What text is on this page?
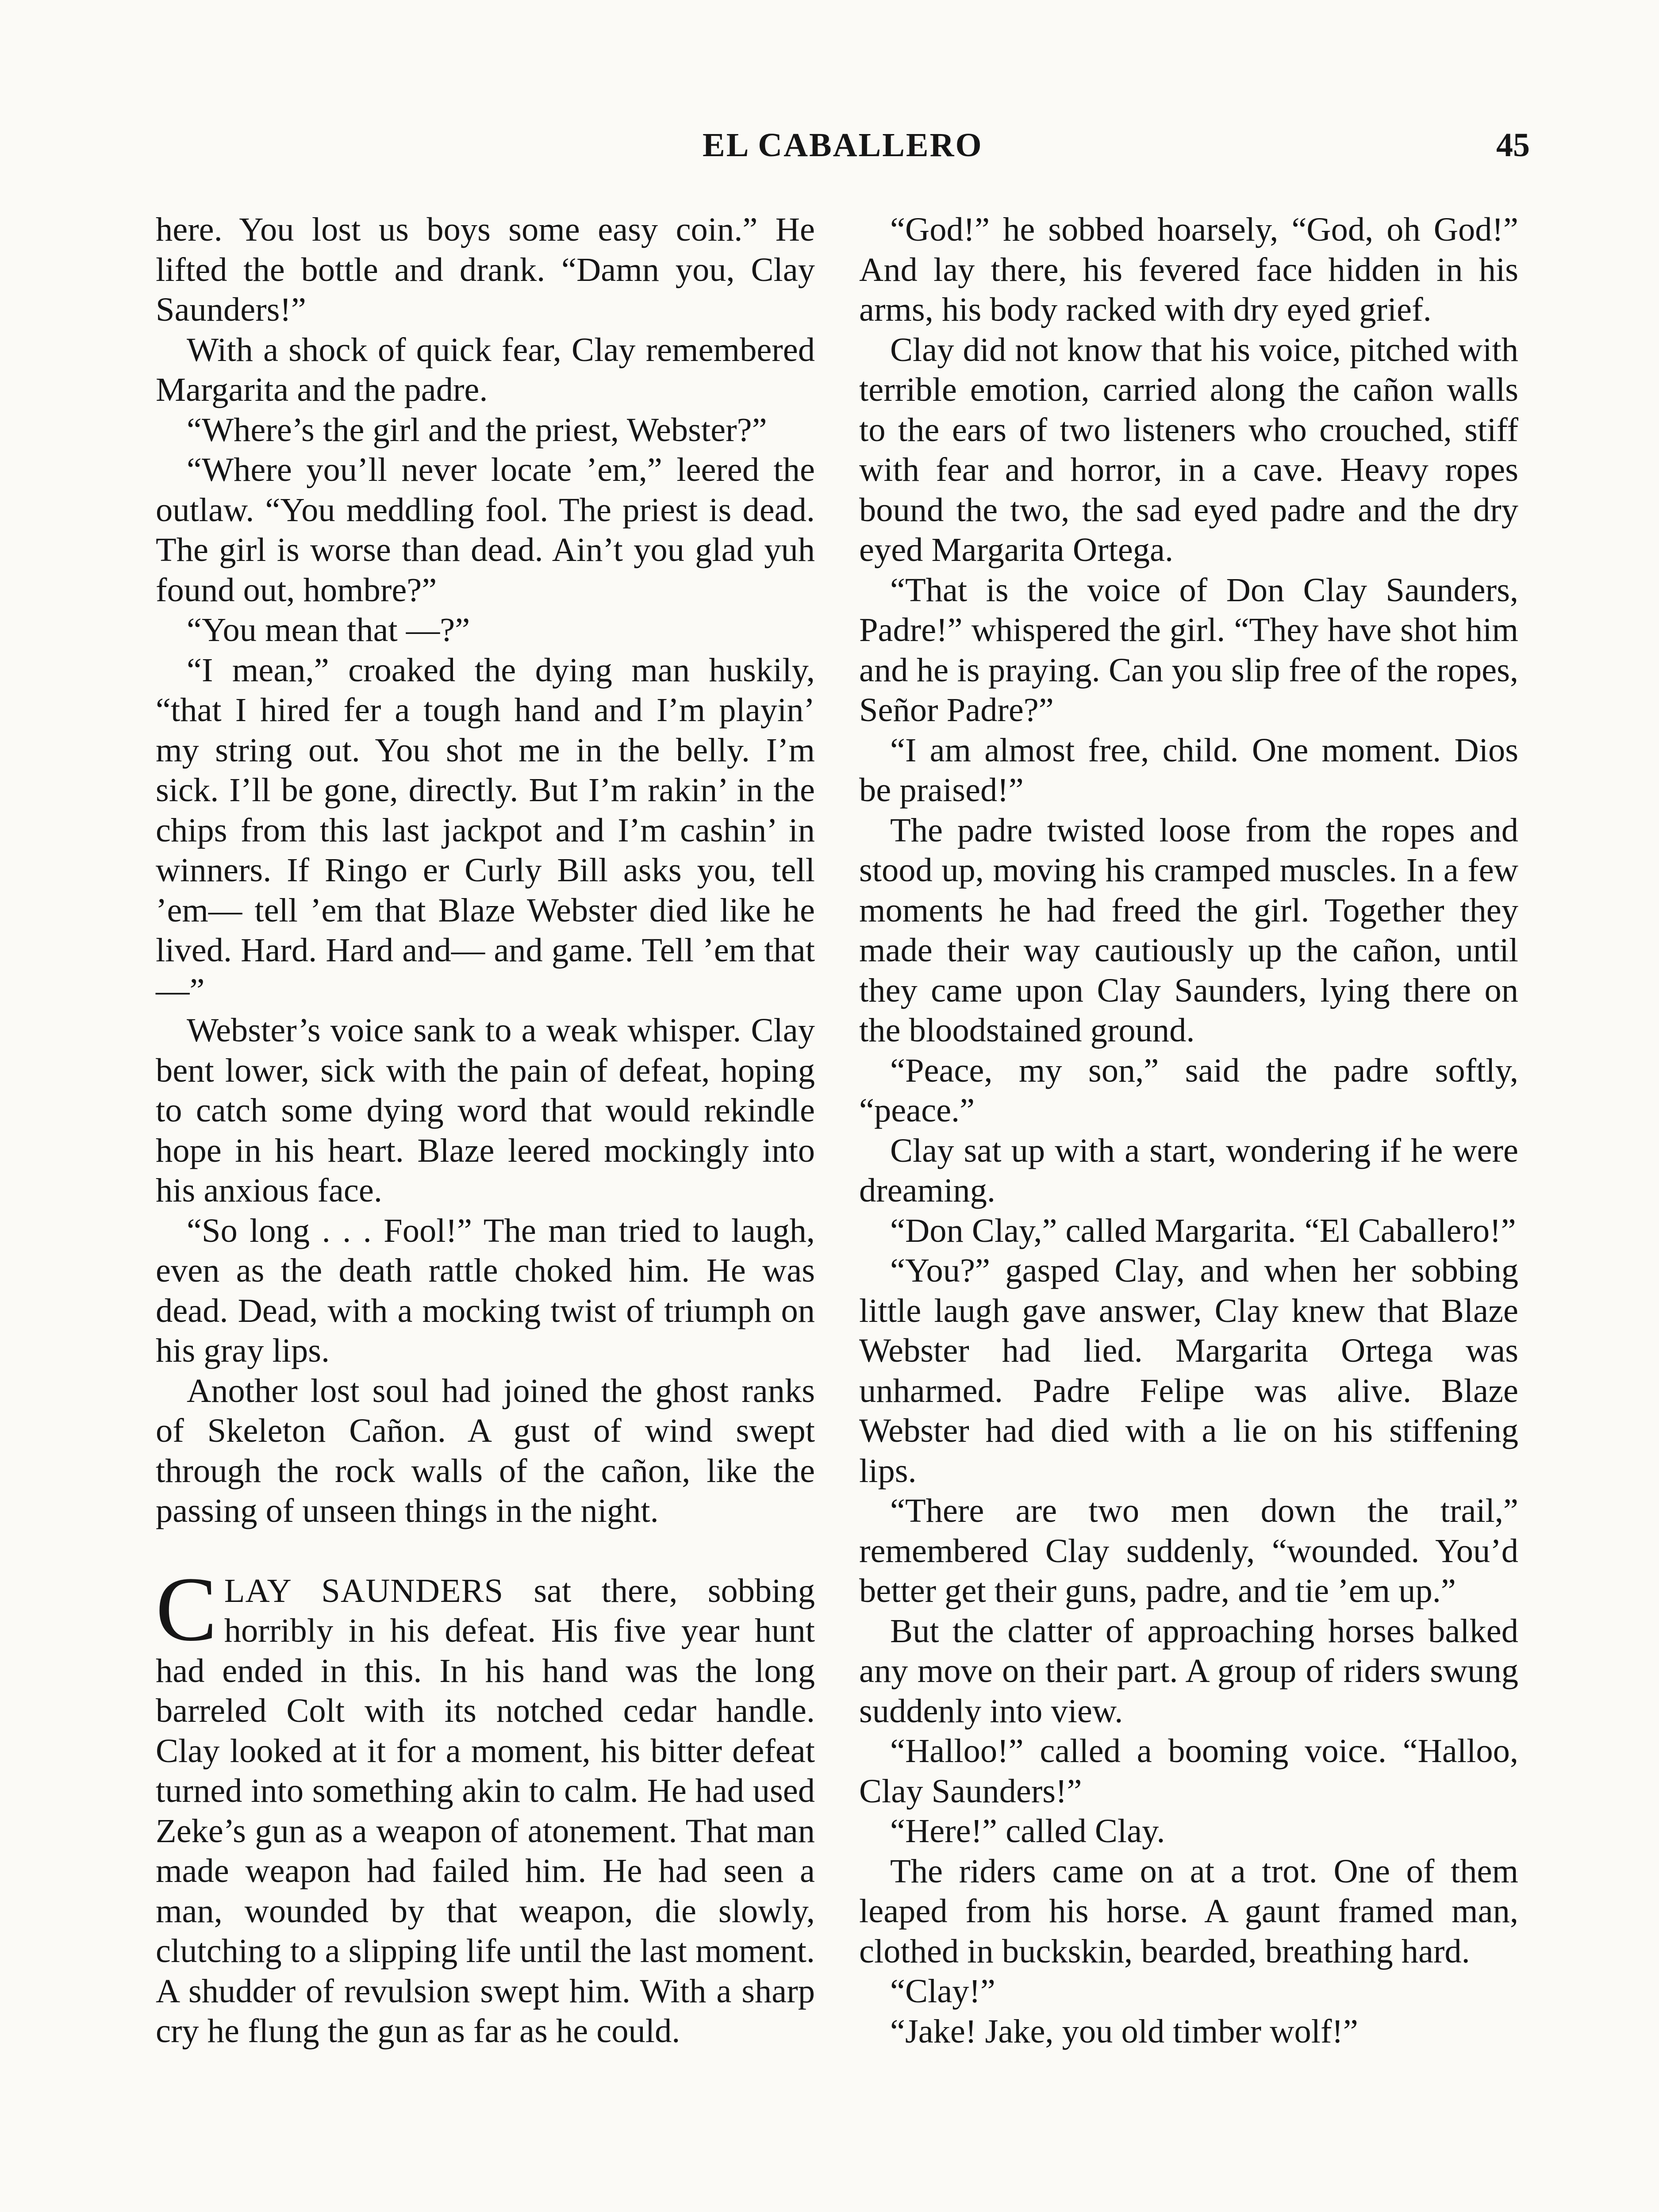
EL CABALLERO	45

here. You lost us boys some easy coin.” He lifted the bottle and drank. “Damn you, Clay Saunders!”

With a shock of quick fear, Clay remembered Margarita and the padre.

“Where’s the girl and the priest, Webster?”

“Where you’ll never locate ’em,” leered the outlaw. “You meddling fool. The priest is dead. The girl is worse than dead. Ain’t you glad yuh found out, hombre?”

“You mean that —?”

“I mean,” croaked the dying man huskily, “that I hired fer a tough hand and I’m playin’ my string out. You shot me in the belly. I’m sick. I’ll be gone, directly. But I’m rakin’ in the chips from this last jackpot and I’m cashin’ in winners. If Ringo er Curly Bill asks you, tell ’em— tell ’em that Blaze Webster died like he lived. Hard. Hard and— and game. Tell ’em that—”

Webster’s voice sank to a weak whisper. Clay bent lower, sick with the pain of defeat, hoping to catch some dying word that would rekindle hope in his heart. Blaze leered mockingly into his anxious face.

“So long . . . Fool!” The man tried to laugh, even as the death rattle choked him. He was dead. Dead, with a mocking twist of triumph on his gray lips.

Another lost soul had joined the ghost ranks of Skeleton Cañon. A gust of wind swept through the rock walls of the cañon, like the passing of unseen things in the night.

CLAY SAUNDERS sat there, sobbing horribly in his defeat. His five year hunt had ended in this. In his hand was the long barreled Colt with its notched cedar handle. Clay looked at it for a moment, his bitter defeat turned into something akin to calm. He had used Zeke’s gun as a weapon of atonement. That man made weapon had failed him. He had seen a man, wounded by that weapon, die slowly, clutching to a slipping life until the last moment. A shudder of revulsion swept him. With a sharp cry he flung the gun as far as he could.

“God!” he sobbed hoarsely, “God, oh God!” And lay there, his fevered face hidden in his arms, his body racked with dry eyed grief.

Clay did not know that his voice, pitched with terrible emotion, carried along the cañon walls to the ears of two listeners who crouched, stiff with fear and horror, in a cave. Heavy ropes bound the two, the sad eyed padre and the dry eyed Margarita Ortega.

“That is the voice of Don Clay Saunders, Padre!” whispered the girl. “They have shot him and he is praying. Can you slip free of the ropes, Señor Padre?”

“I am almost free, child. One moment. Dios be praised!”

The padre twisted loose from the ropes and stood up, moving his cramped muscles. In a few moments he had freed the girl. Together they made their way cautiously up the cañon, until they came upon Clay Saunders, lying there on the bloodstained ground.

“Peace, my son,” said the padre softly, “peace.”

Clay sat up with a start, wondering if he were dreaming.

“Don Clay,” called Margarita. “El Caballero!”

“You?” gasped Clay, and when her sobbing little laugh gave answer, Clay knew that Blaze Webster had lied. Margarita Ortega was unharmed. Padre Felipe was alive. Blaze Webster had died with a lie on his stiffening lips.

“There are two men down the trail,” remembered Clay suddenly, “wounded. You’d better get their guns, padre, and tie ’em up.”

But the clatter of approaching horses balked any move on their part. A group of riders swung suddenly into view.

“Halloo!” called a booming voice. “Halloo, Clay Saunders!”

“Here!” called Clay.

The riders came on at a trot. One of them leaped from his horse. A gaunt framed man, clothed in buckskin, bearded, breathing hard.

“Clay!”

“Jake! Jake, you old timber wolf!”
